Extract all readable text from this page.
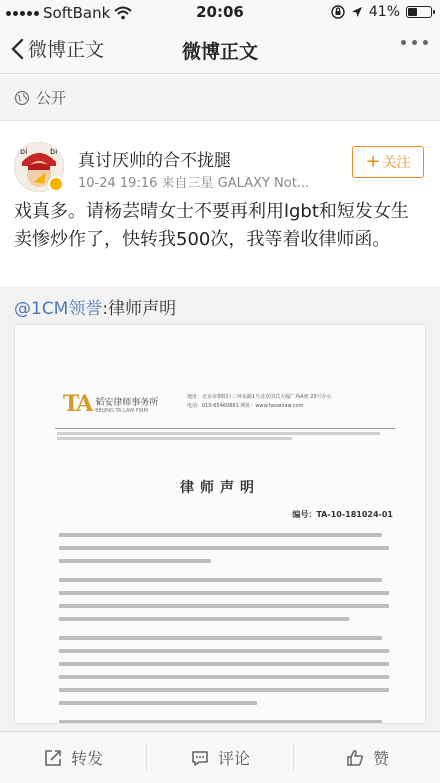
SoftBank	20:06	41%
微博正文	微博正文
公开
bi	bi 真讨厌帅的合不拢腿
10-24 19:16 来自三星 GALAXY Not...
+ 关注
戏真多。请杨芸晴女士不要再利用lgbt和短发女生卖惨炒作了，快转我500次，我等着收律师函。
@1CM领誉:律师声明
TA 韬安律师事务所
BEIJING TA LAW FIRM
地址：北京市朝阳区三环东路1号北京国宾大厦广场A座 23号办公
电话：010-65460881 网址：www.taoanlaw.com
律师声明
编号：TA-10-181024-01
转发	评论	赞
